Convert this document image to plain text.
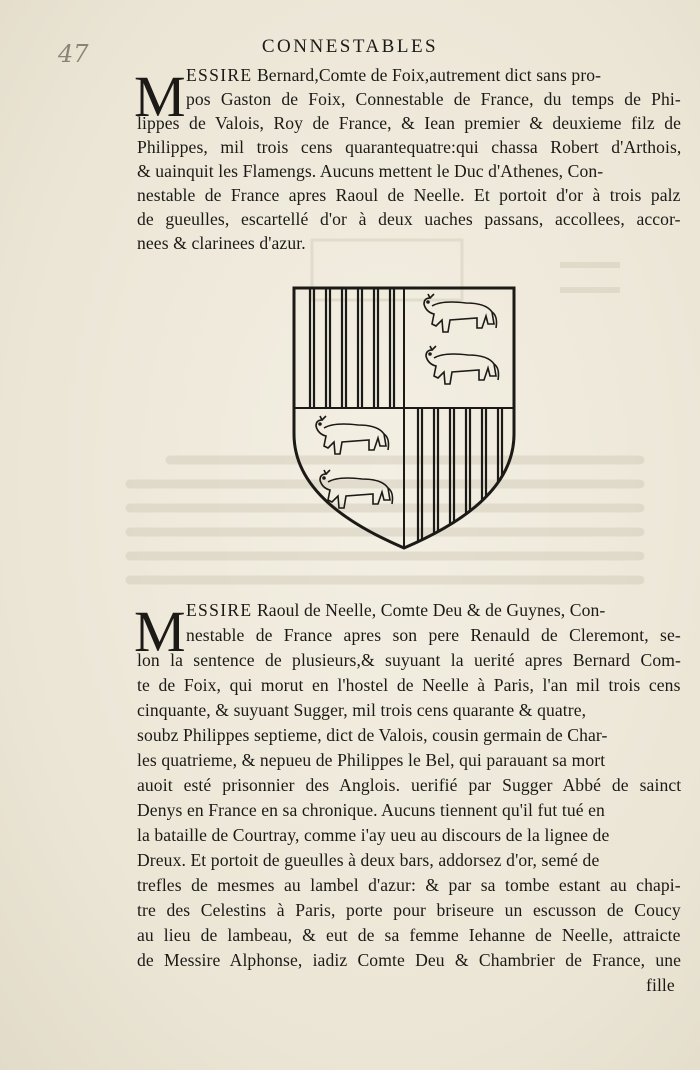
47	CONNESTABLES
M ESSIRE Bernard,Comte de Foix,autrement dict sans pro-
pos Gaston de Foix, Connestable de France, du temps de Phi-
lippes de Valois, Roy de France, & Iean premier & deuxieme filz de
Philippes, mil trois cens quarantequatre:qui chassa Robert d'Arthois,
& uainquit les Flamengs. Aucuns mettent le Duc d'Athenes, Con-
nestable de France apres Raoul de Neelle. Et portoit d'or à trois palz
de gueulles, escartellé d'or à deux uaches passans, accollees, accor-
nees & clarinees d'azur.
M ESSIRE Raoul de Neelle, Comte Deu & de Guynes, Con-
nestable de France apres son pere Renauld de Cleremont, se-
lon la sentence de plusieurs,& suyuant la uerité apres Bernard Com-
te de Foix, qui morut en l'hostel de Neelle à Paris, l'an mil trois cens
cinquante, & suyuant Sugger, mil trois cens quarante & quatre,
soubz Philippes septieme, dict de Valois, cousin germain de Char-
les quatrieme, & nepueu de Philippes le Bel, qui parauant sa mort
auoit esté prisonnier des Anglois. uerifié par Sugger Abbé de sainct
Denys en France en sa chronique. Aucuns tiennent qu'il fut tué en
la bataille de Courtray, comme i'ay ueu au discours de la lignee de
Dreux. Et portoit de gueulles à deux bars, addorsez d'or, semé de
trefles de mesmes au lambel d'azur: & par sa tombe estant au chapi-
tre des Celestins à Paris, porte pour briseure un escusson de Coucy
au lieu de lambeau, & eut de sa femme Iehanne de Neelle, attraicte
de Messire Alphonse, iadiz Comte Deu & Chambrier de France, une
fille
